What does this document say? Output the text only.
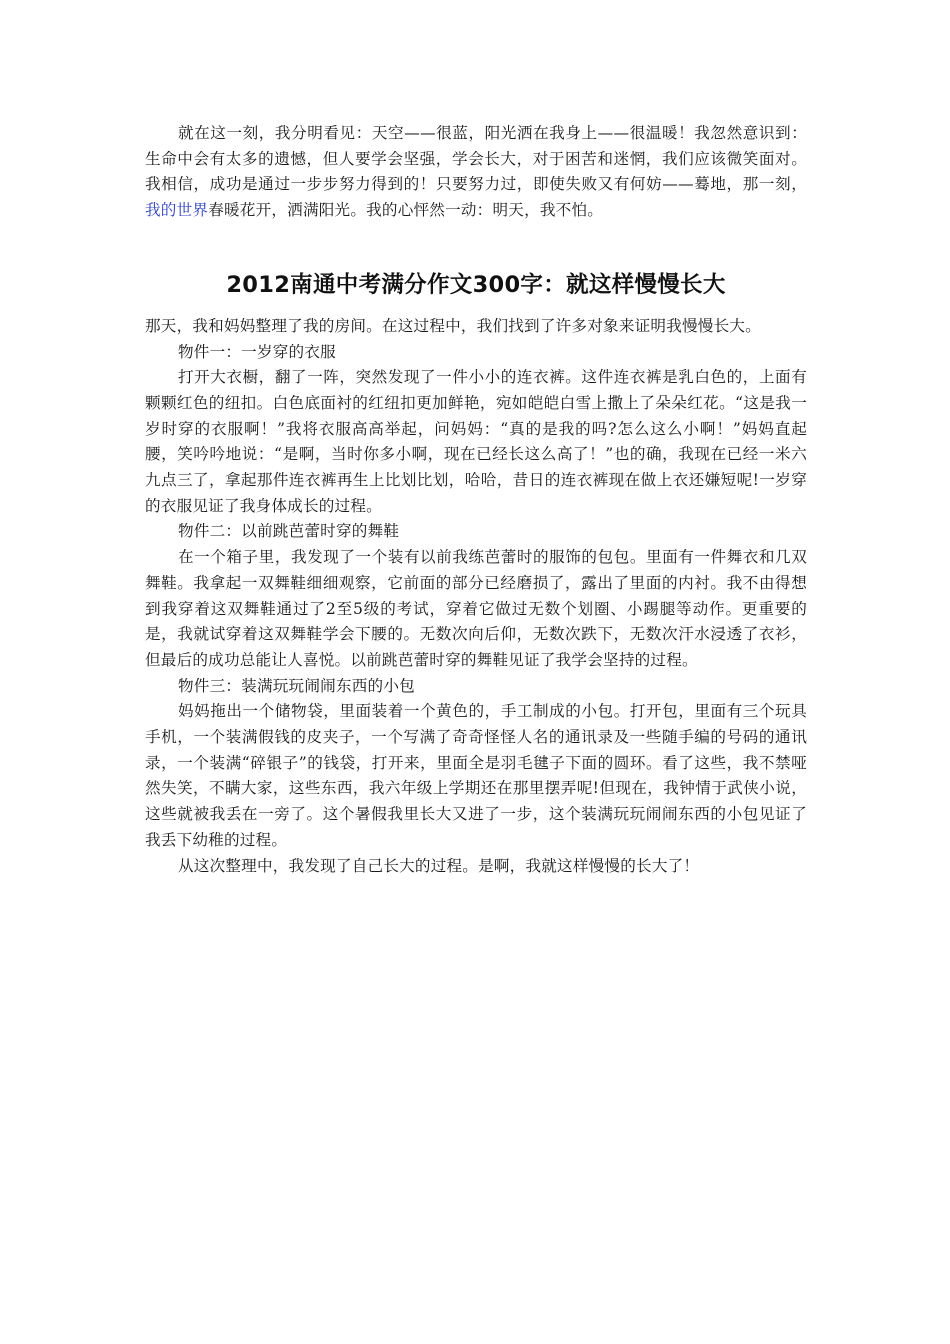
就在这一刻，我分明看见：天空——很蓝，阳光洒在我身上——很温暖！我忽然意识到：生命中会有太多的遗憾，但人要学会坚强，学会长大，对于困苦和迷惘，我们应该微笑面对。我相信，成功是通过一步步努力得到的！只要努力过，即使失败又有何妨——蓦地，那一刻，我的世界春暖花开，洒满阳光。我的心怦然一动：明天，我不怕。

2012南通中考满分作文300字：就这样慢慢长大

那天，我和妈妈整理了我的房间。在这过程中，我们找到了许多对象来证明我慢慢长大。

物件一：一岁穿的衣服

打开大衣橱，翻了一阵，突然发现了一件小小的连衣裤。这件连衣裤是乳白色的，上面有颗颗红色的纽扣。白色底面衬的红纽扣更加鲜艳，宛如皑皑白雪上撒上了朵朵红花。“这是我一岁时穿的衣服啊！”我将衣服高高举起，问妈妈：“真的是我的吗?怎么这么小啊！”妈妈直起腰，笑吟吟地说：“是啊，当时你多小啊，现在已经长这么高了！”也的确，我现在已经一米六九点三了，拿起那件连衣裤再生上比划比划，哈哈，昔日的连衣裤现在做上衣还嫌短呢!一岁穿的衣服见证了我身体成长的过程。

物件二：以前跳芭蕾时穿的舞鞋

在一个箱子里，我发现了一个装有以前我练芭蕾时的服饰的包包。里面有一件舞衣和几双舞鞋。我拿起一双舞鞋细细观察，它前面的部分已经磨损了，露出了里面的内衬。我不由得想到我穿着这双舞鞋通过了2至5级的考试，穿着它做过无数个划圈、小踢腿等动作。更重要的是，我就试穿着这双舞鞋学会下腰的。无数次向后仰，无数次跌下，无数次汗水浸透了衣衫，但最后的成功总能让人喜悦。以前跳芭蕾时穿的舞鞋见证了我学会坚持的过程。

物件三：装满玩玩闹闹东西的小包

妈妈拖出一个储物袋，里面装着一个黄色的，手工制成的小包。打开包，里面有三个玩具手机，一个装满假钱的皮夹子，一个写满了奇奇怪怪人名的通讯录及一些随手编的号码的通讯录，一个装满“碎银子”的钱袋，打开来，里面全是羽毛毽子下面的圆环。看了这些，我不禁哑然失笑，不瞒大家，这些东西，我六年级上学期还在那里摆弄呢!但现在，我钟情于武侠小说，这些就被我丢在一旁了。这个暑假我里长大又进了一步，这个装满玩玩闹闹东西的小包见证了我丢下幼稚的过程。

从这次整理中，我发现了自己长大的过程。是啊，我就这样慢慢的长大了！
